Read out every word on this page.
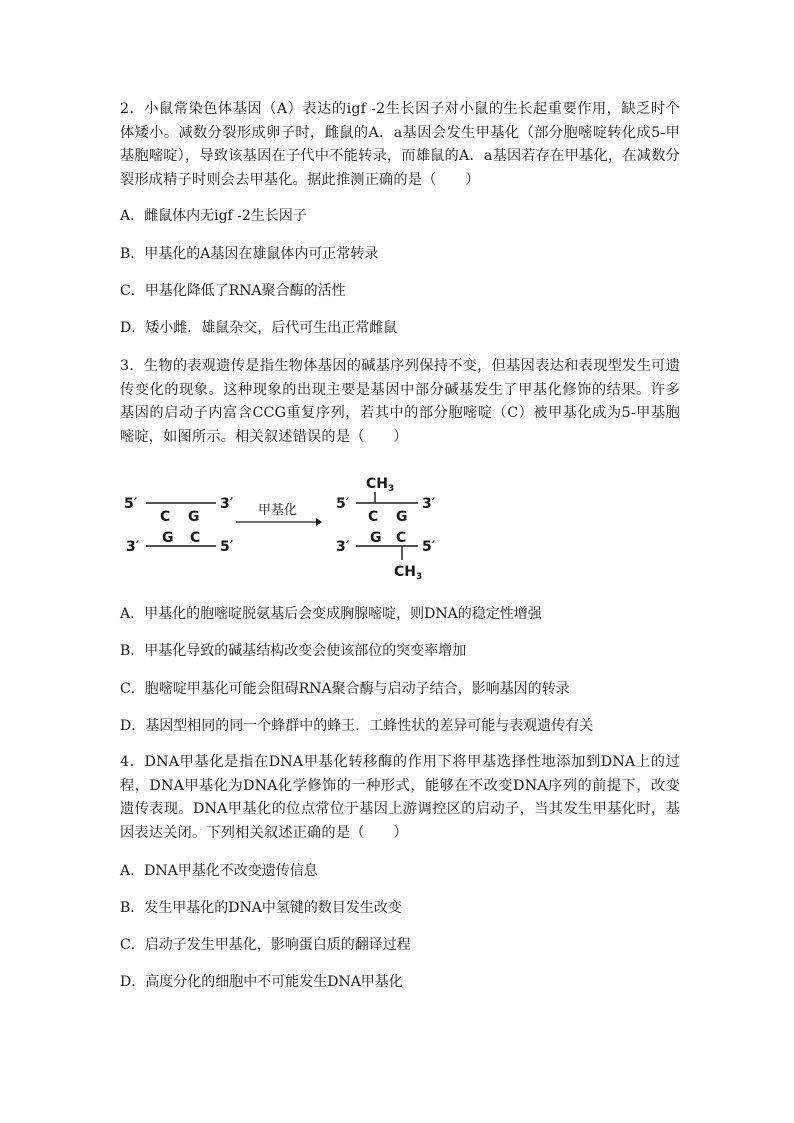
2．小鼠常染色体基因（A）表达的igf -2生长因子对小鼠的生长起重要作用，缺乏时个体矮小。减数分裂形成卵子时，雌鼠的A．a基因会发生甲基化（部分胞嘧啶转化成5-甲基胞嘧啶），导致该基因在子代中不能转录，而雄鼠的A．a基因若存在甲基化，在减数分裂形成精子时则会去甲基化。据此推测正确的是（　　）

A．雌鼠体内无igf -2生长因子
B．甲基化的A基因在雄鼠体内可正常转录
C．甲基化降低了RNA聚合酶的活性
D．矮小雌．雄鼠杂交，后代可生出正常雌鼠

3．生物的表观遗传是指生物体基因的碱基序列保持不变，但基因表达和表现型发生可遗传变化的现象。这种现象的出现主要是基因中部分碱基发生了甲基化修饰的结果。许多基因的启动子内富含CCG重复序列，若其中的部分胞嘧啶（C）被甲基化成为5-甲基胞嘧啶，如图所示。相关叙述错误的是（　　）

5′	3′
C G
G C
3′	5′
甲基化
$CH_3$
5′	3′
C G
G C
3′	5′
$CH_3$
A．甲基化的胞嘧啶脱氨基后会变成胸腺嘧啶，则DNA的稳定性增强
B．甲基化导致的碱基结构改变会使该部位的突变率增加
C．胞嘧啶甲基化可能会阻碍RNA聚合酶与启动子结合，影响基因的转录
D．基因型相同的同一个蜂群中的蜂王．工蜂性状的差异可能与表观遗传有关

4．DNA甲基化是指在DNA甲基化转移酶的作用下将甲基选择性地添加到DNA上的过程，DNA甲基化为DNA化学修饰的一种形式，能够在不改变DNA序列的前提下，改变遗传表现。DNA甲基化的位点常位于基因上游调控区的启动子，当其发生甲基化时，基因表达关闭。下列相关叙述正确的是（　　）

A．DNA甲基化不改变遗传信息
B．发生甲基化的DNA中氢键的数目发生改变
C．启动子发生甲基化，影响蛋白质的翻译过程
D．高度分化的细胞中不可能发生DNA甲基化
